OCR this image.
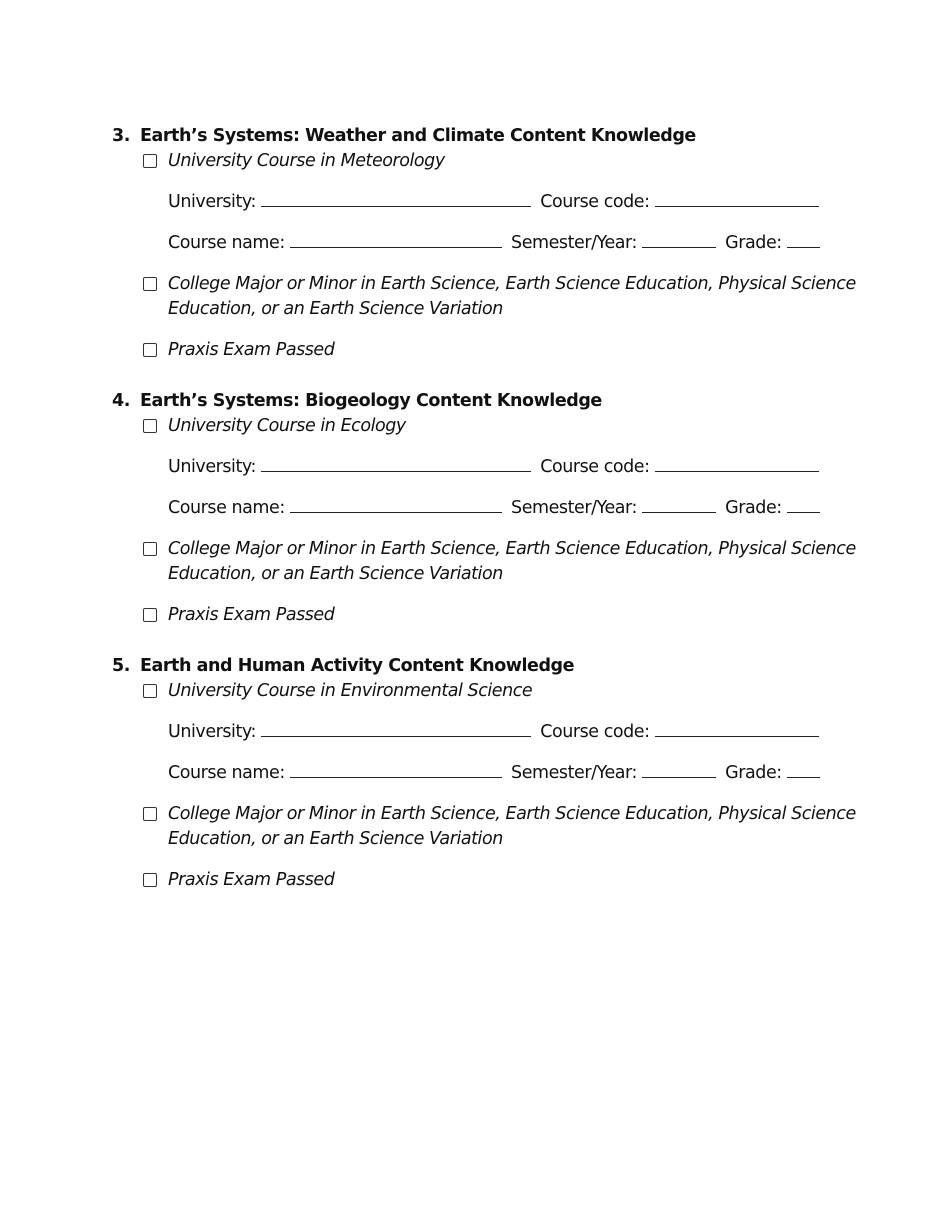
3. Earth’s Systems: Weather and Climate Content Knowledge
University Course in Meteorology
University:	Course code:
Course name:	Semester/Year:	Grade:
College Major or Minor in Earth Science, Earth Science Education, Physical Science Education, or an Earth Science Variation
Praxis Exam Passed
4. Earth’s Systems: Biogeology Content Knowledge
University Course in Ecology
University:	Course code:
Course name:	Semester/Year:	Grade:
College Major or Minor in Earth Science, Earth Science Education, Physical Science Education, or an Earth Science Variation
Praxis Exam Passed
5. Earth and Human Activity Content Knowledge
University Course in Environmental Science
University:	Course code:
Course name:	Semester/Year:	Grade:
College Major or Minor in Earth Science, Earth Science Education, Physical Science Education, or an Earth Science Variation
Praxis Exam Passed
